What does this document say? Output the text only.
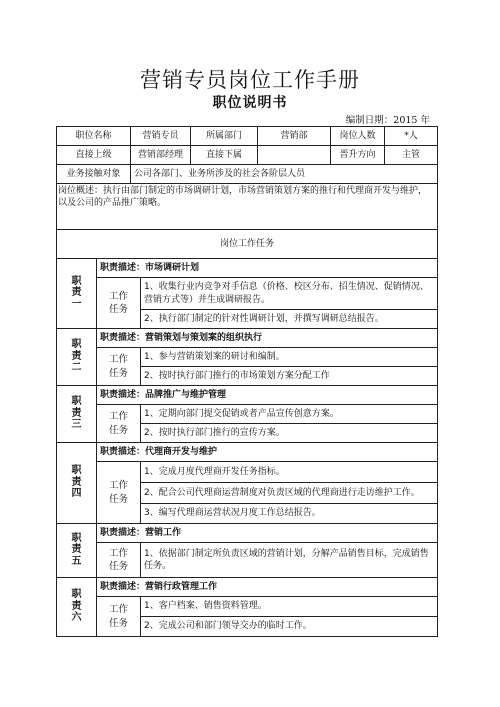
营销专员岗位工作手册
职位说明书
编制日期：2015 年
职位名称		营销专员		所属部门	营销部	岗位人数	*人
直接上级		营销部经理		直接下属		晋升方向	主管
业务接触对象		公司各部门、业务所涉及的社会各阶层人员					
岗位概述：执行由部门制定的市场调研计划，市场营销策划方案的推行和代理商开发与维护，以及公司的产品推广策略。							
岗位工作任务							
职责一	职责描述：市场调研计划						
	工作
任务		1、收集行业内竞争对手信息（价格、校区分布、招生情况、促销情况、营销方式等）并生成调研报告。				
			2、执行部门制定的针对性调研计划，并撰写调研总结报告。				
职责二	职责描述：营销策划与策划案的组织执行						
	工作
任务		1、参与营销策划案的研讨和编制。				
			2、按时执行部门推行的市场策划方案分配工作				
职责三	职责描述：品牌推广与维护管理						
	工作
任务		1、定期向部门提交促销或者产品宣传创意方案。				
			2、按时执行部门推行的宣传方案。				
职责四	职责描述：代理商开发与维护						
	工作
任务		1、完成月度代理商开发任务指标。				
			2、配合公司代理商运营制度对负责区域的代理商进行走访维护工作。				
			3、编写代理商运营状况月度工作总结报告。				
职责五	职责描述：营销工作						
	工作
任务		1、依据部门制定所负责区域的营销计划，分解产品销售目标，完成销售任务。				
职责六	职责描述：营销行政管理工作						
	工作
任务		1、客户档案、销售资料管理。				
			2、完成公司和部门领导交办的临时工作。				
